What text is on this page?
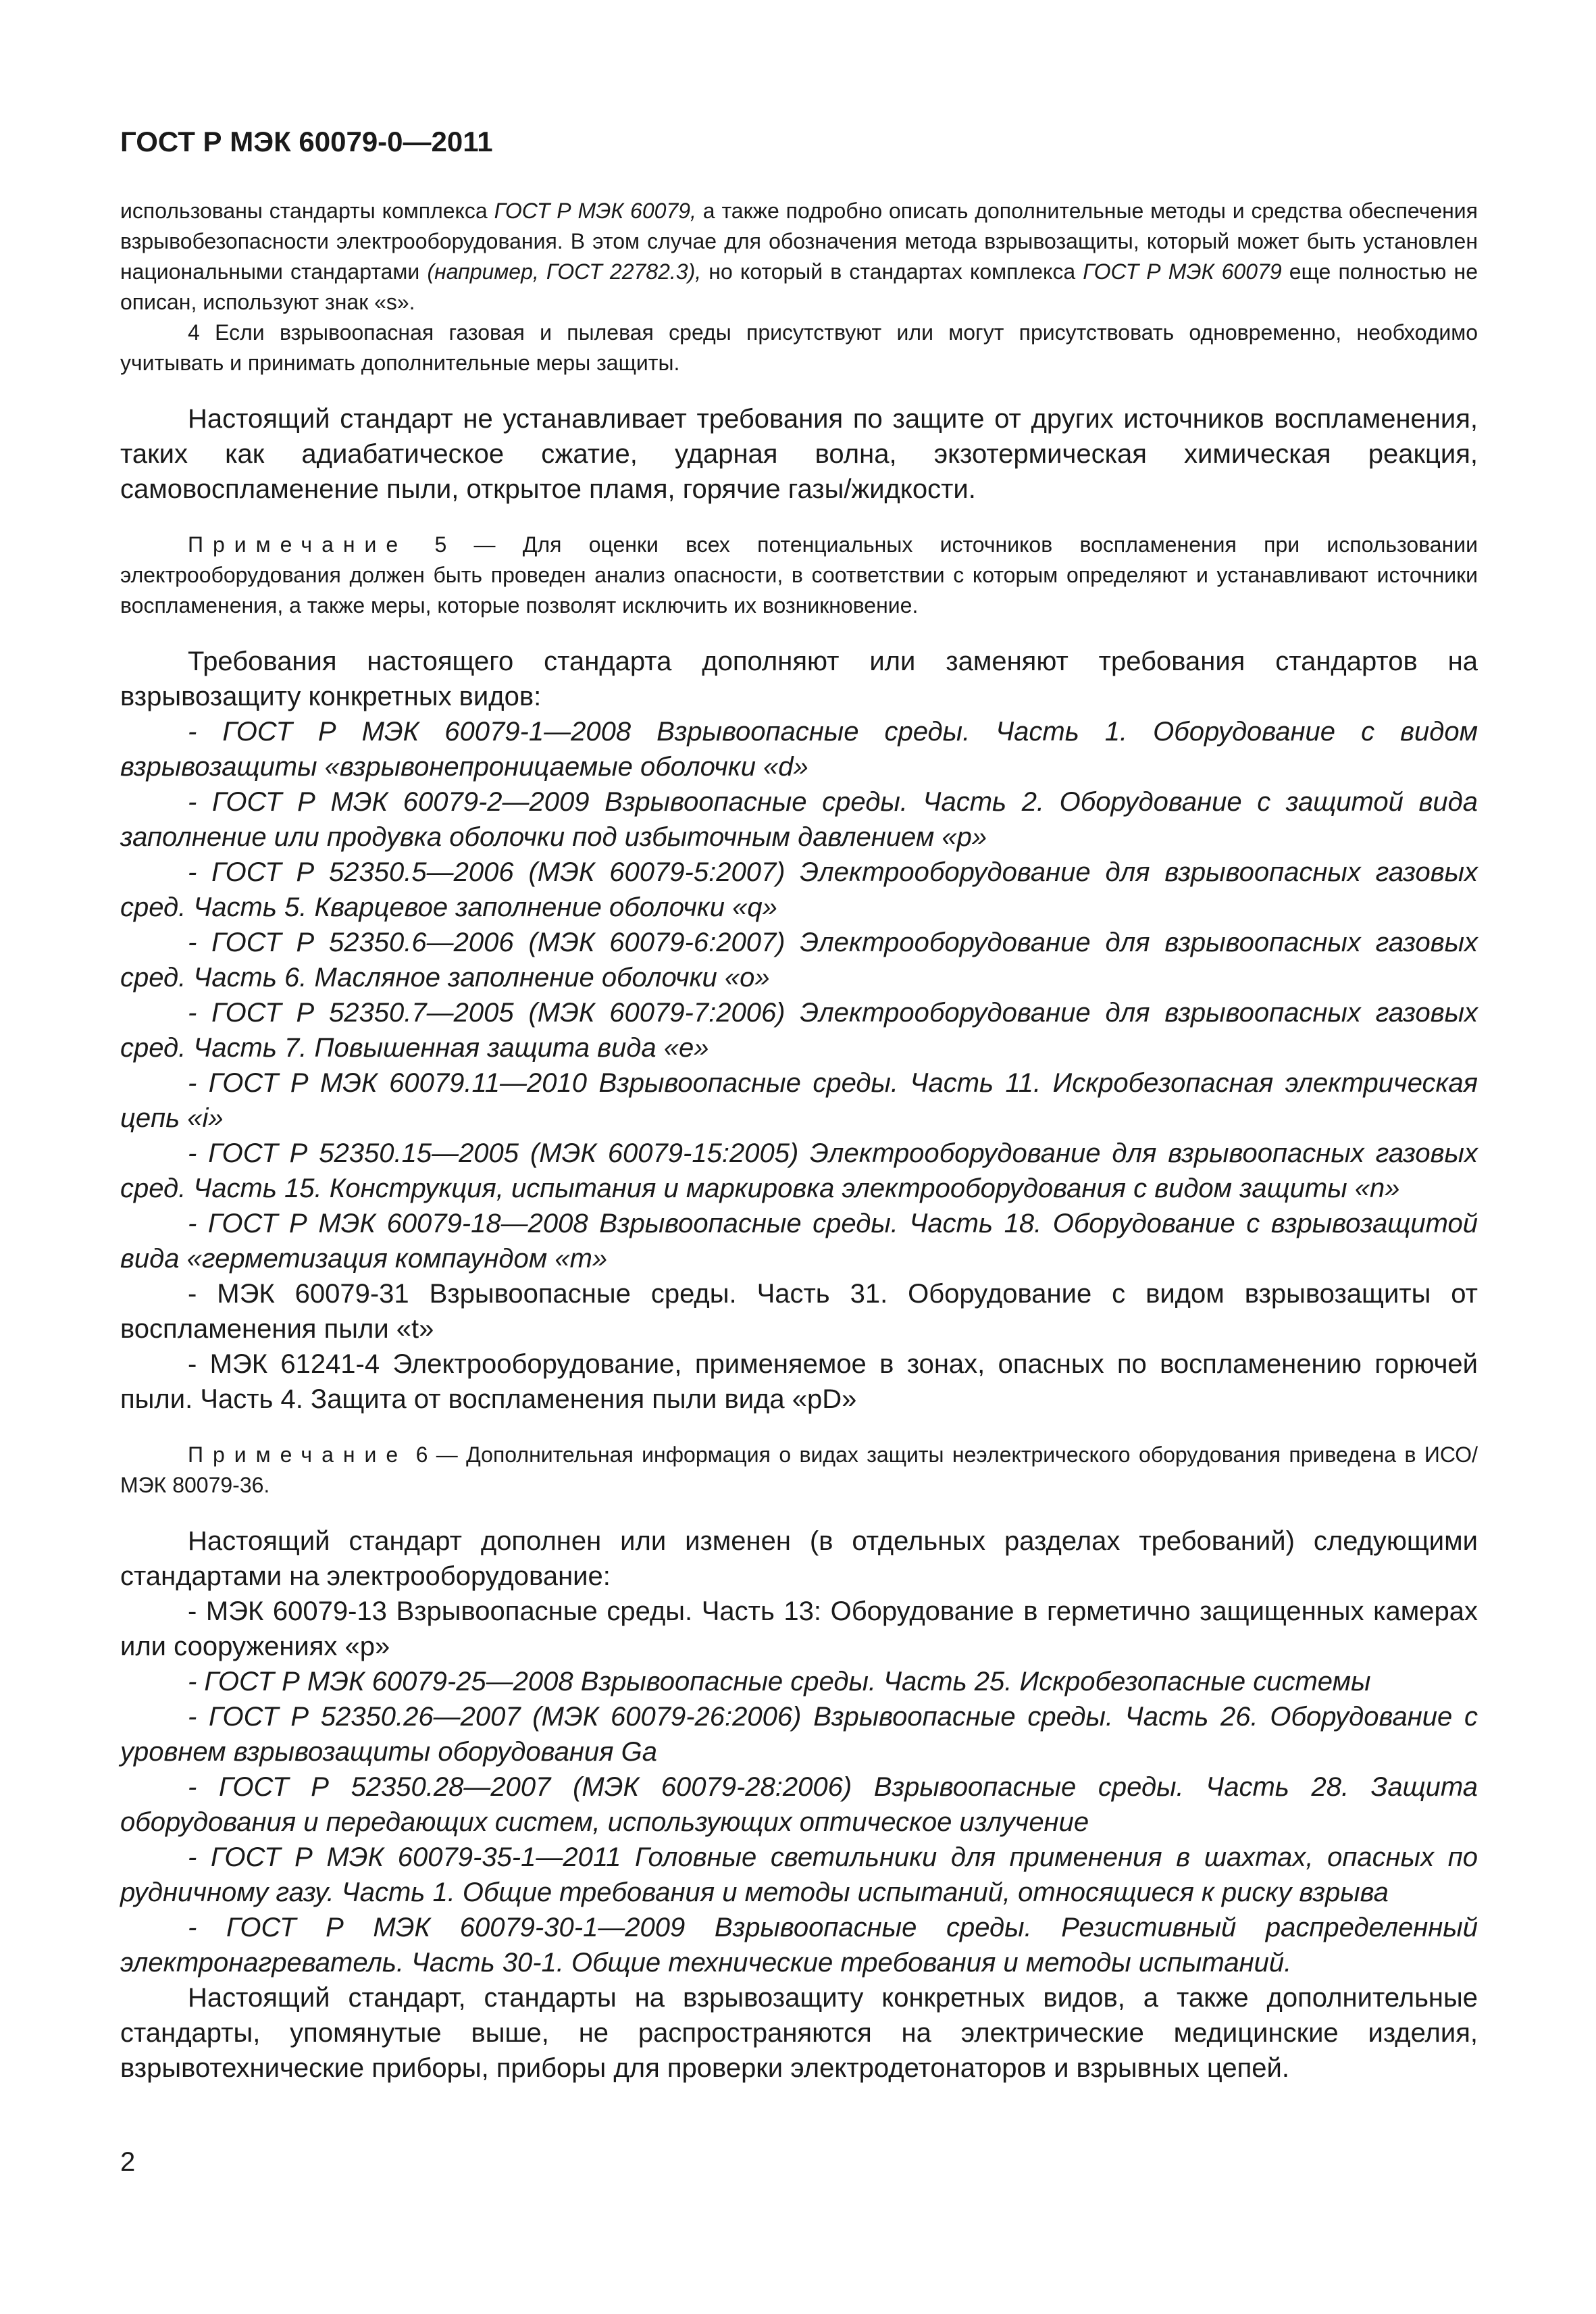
ГОСТ Р МЭК 60079-0—2011

использованы стандарты комплекса ГОСТ Р МЭК 60079, а также подробно описать дополнительные методы и средства обеспечения взрывобезопасности электрооборудования. В этом случае для обозначения метода взрывозащиты, который может быть установлен национальными стандартами (например, ГОСТ 22782.3), но который в стандартах комплекса ГОСТ Р МЭК 60079 еще полностью не описан, используют знак «s».

4 Если взрывоопасная газовая и пылевая среды присутствуют или могут присутствовать одновременно, необходимо учитывать и принимать дополнительные меры защиты.

Настоящий стандарт не устанавливает требования по защите от других источников воспламенения, таких как адиабатическое сжатие, ударная волна, экзотермическая химическая реакция, самовоспламенение пыли, открытое пламя, горячие газы/жидкости.

Примечание 5 — Для оценки всех потенциальных источников воспламенения при использовании электрооборудования должен быть проведен анализ опасности, в соответствии с которым определяют и устанавливают источники воспламенения, а также меры, которые позволят исключить их возникновение.

Требования настоящего стандарта дополняют или заменяют требования стандартов на взрывозащиту конкретных видов:

- ГОСТ Р МЭК 60079-1—2008 Взрывоопасные среды. Часть 1. Оборудование с видом взрывозащиты «взрывонепроницаемые оболочки «d»

- ГОСТ Р МЭК 60079-2—2009 Взрывоопасные среды. Часть 2. Оборудование с защитой вида заполнение или продувка оболочки под избыточным давлением «р»

- ГОСТ Р 52350.5—2006 (МЭК 60079-5:2007) Электрооборудование для взрывоопасных газовых сред. Часть 5. Кварцевое заполнение оболочки «q»

- ГОСТ Р 52350.6—2006 (МЭК 60079-6:2007) Электрооборудование для взрывоопасных газовых сред. Часть 6. Масляное заполнение оболочки «о»

- ГОСТ Р 52350.7—2005 (МЭК 60079-7:2006) Электрооборудование для взрывоопасных газовых сред. Часть 7. Повышенная защита вида «е»

- ГОСТ Р МЭК 60079.11—2010 Взрывоопасные среды. Часть 11. Искробезопасная электрическая цепь «i»

- ГОСТ Р 52350.15—2005 (МЭК 60079-15:2005) Электрооборудование для взрывоопасных газовых сред. Часть 15. Конструкция, испытания и маркировка электрооборудования с видом защиты «n»

- ГОСТ Р МЭК 60079-18—2008 Взрывоопасные среды. Часть 18. Оборудование с взрывозащитой вида «герметизация компаундом «m»

- МЭК 60079-31 Взрывоопасные среды. Часть 31. Оборудование с видом взрывозащиты от воспламенения пыли «t»

- МЭК 61241-4 Электрооборудование, применяемое в зонах, опасных по воспламенению горючей пыли. Часть 4. Защита от воспламенения пыли вида «pD»

Примечание 6 — Дополнительная информация о видах защиты неэлектрического оборудования приведена в ИСО/МЭК 80079-36.

Настоящий стандарт дополнен или изменен (в отдельных разделах требований) следующими стандартами на электрооборудование:

- МЭК 60079-13 Взрывоопасные среды. Часть 13: Оборудование в герметично защищенных камерах или сооружениях «р»

- ГОСТ Р МЭК 60079-25—2008 Взрывоопасные среды. Часть 25. Искробезопасные системы

- ГОСТ Р 52350.26—2007 (МЭК 60079-26:2006) Взрывоопасные среды. Часть 26. Оборудование с уровнем взрывозащиты оборудования Ga

- ГОСТ Р 52350.28—2007 (МЭК 60079-28:2006) Взрывоопасные среды. Часть 28. Защита оборудования и передающих систем, использующих оптическое излучение

- ГОСТ Р МЭК 60079-35-1—2011 Головные светильники для применения в шахтах, опасных по рудничному газу. Часть 1. Общие требования и методы испытаний, относящиеся к риску взрыва

- ГОСТ Р МЭК 60079-30-1—2009 Взрывоопасные среды. Резистивный распределенный электронагреватель. Часть 30-1. Общие технические требования и методы испытаний.

Настоящий стандарт, стандарты на взрывозащиту конкретных видов, а также дополнительные стандарты, упомянутые выше, не распространяются на электрические медицинские изделия, взрывотехнические приборы, приборы для проверки электродетонаторов и взрывных цепей.

2
